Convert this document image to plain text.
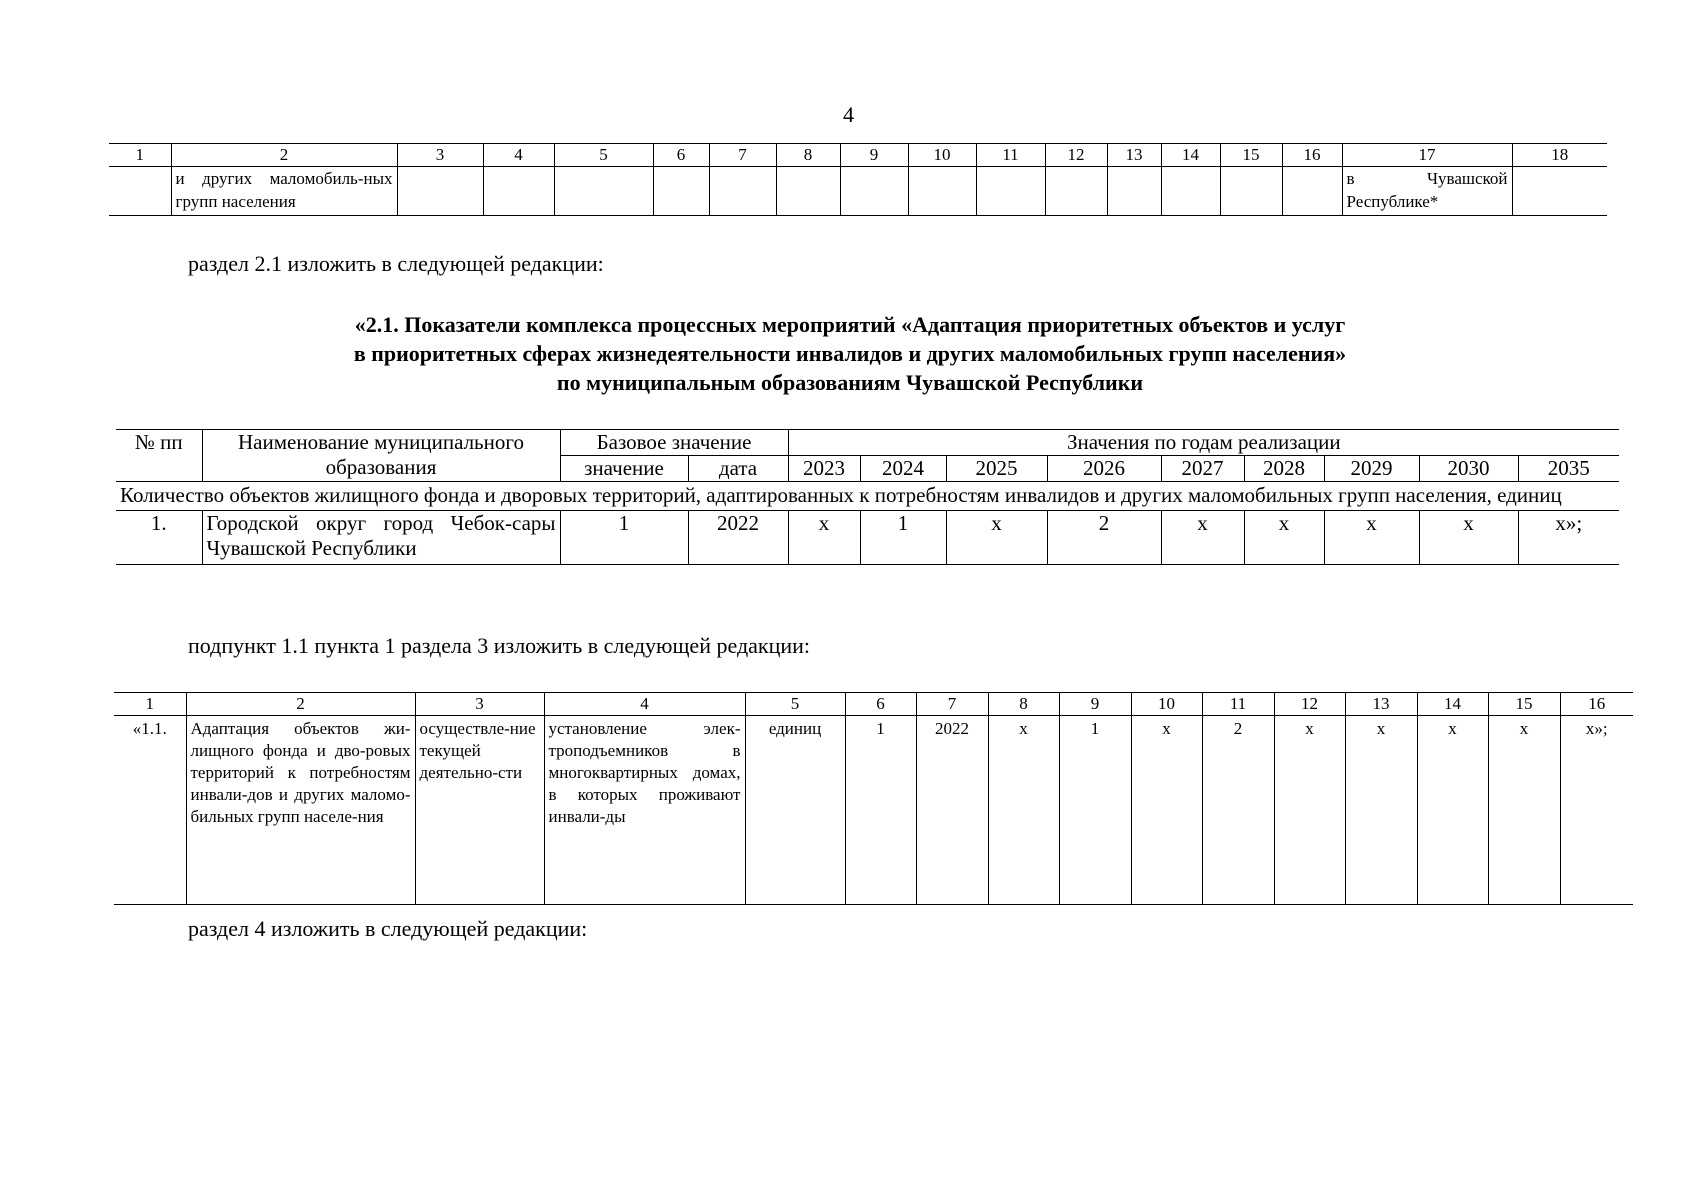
4
1	2	3	4	5	6	7	8	9	10	11	12	13	14	15	16	17	18
	и других маломобиль-ных групп населения															в Чувашской Республике*	
раздел 2.1 изложить в следующей редакции:
«2.1. Показатели комплекса процессных мероприятий «Адаптация приоритетных объектов и услуг
в приоритетных сферах жизнедеятельности инвалидов и других маломобильных групп населения»
по муниципальным образованиям Чувашской Республики
№ пп	Наименование муниципального образования	Базовое значение		Значения по годам реализации								
		значение	дата	2023	2024	2025	2026	2027	2028	2029	2030	2035
Количество объектов жилищного фонда и дворовых территорий, адаптированных к потребностям инвалидов и других маломобильных групп населения, единиц												
1.	Городской округ город Чебок-сары Чувашской Республики	1	2022	x	1	x	2	x	x	x	x	x»;
подпункт 1.1 пункта 1 раздела 3 изложить в следующей редакции:
1	2	3	4	5	6	7	8	9	10	11	12	13	14	15	16
«1.1.	Адаптация объектов жи-лищного фонда и дво-ровых территорий к потребностям инвали-дов и других маломо-бильных групп населе-ния	осуществле-ние текущей деятельно-сти	установление элек-троподъемников в многоквартирных домах, в которых проживают инвали-ды	единиц	1	2022	x	1	x	2	x	x	x	x	x»;
раздел 4 изложить в следующей редакции:
